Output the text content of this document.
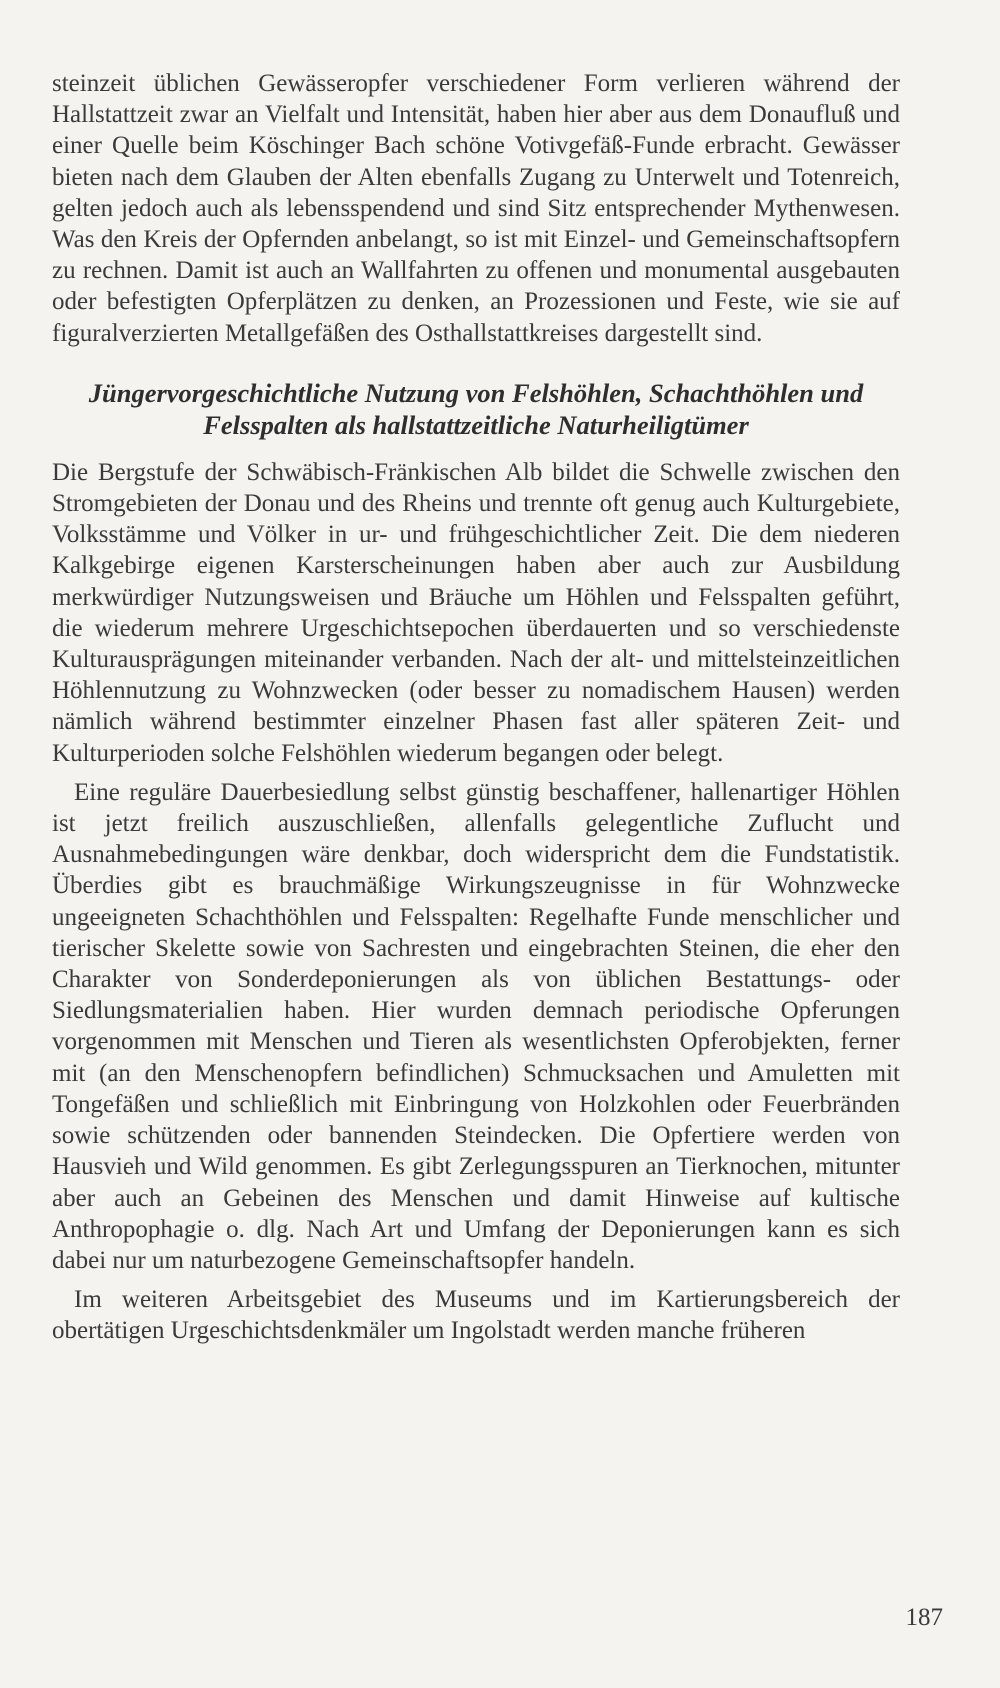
steinzeit üblichen Gewässeropfer verschiedener Form verlieren während der Hallstattzeit zwar an Vielfalt und Intensität, haben hier aber aus dem Donaufluß und einer Quelle beim Köschinger Bach schöne Votivgefäß-Funde erbracht. Gewässer bieten nach dem Glauben der Alten ebenfalls Zugang zu Unterwelt und Totenreich, gelten jedoch auch als lebensspendend und sind Sitz entsprechender Mythenwesen. Was den Kreis der Opfernden anbelangt, so ist mit Einzel- und Gemeinschaftsopfern zu rechnen. Damit ist auch an Wallfahrten zu offenen und monumental ausgebauten oder befestigten Opferplätzen zu denken, an Prozessionen und Feste, wie sie auf figuralverzierten Metallgefäßen des Osthallstattkreises dargestellt sind.

Jüngervorgeschichtliche Nutzung von Felshöhlen, Schachthöhlen und
Felsspalten als hallstattzeitliche Naturheiligtümer

Die Bergstufe der Schwäbisch-Fränkischen Alb bildet die Schwelle zwischen den Stromgebieten der Donau und des Rheins und trennte oft genug auch Kulturgebiete, Volksstämme und Völker in ur- und frühgeschichtlicher Zeit. Die dem niederen Kalkgebirge eigenen Karsterscheinungen haben aber auch zur Ausbildung merkwürdiger Nutzungsweisen und Bräuche um Höhlen und Felsspalten geführt, die wiederum mehrere Urgeschichtsepochen überdauerten und so verschiedenste Kulturausprägungen miteinander verbanden. Nach der alt- und mittelsteinzeitlichen Höhlennutzung zu Wohnzwecken (oder besser zu nomadischem Hausen) werden nämlich während bestimmter einzelner Phasen fast aller späteren Zeit- und Kulturperioden solche Felshöhlen wiederum begangen oder belegt.

Eine reguläre Dauerbesiedlung selbst günstig beschaffener, hallenartiger Höhlen ist jetzt freilich auszuschließen, allenfalls gelegentliche Zuflucht und Ausnahmebedingungen wäre denkbar, doch widerspricht dem die Fundstatistik. Überdies gibt es brauchmäßige Wirkungszeugnisse in für Wohnzwecke ungeeigneten Schachthöhlen und Felsspalten: Regelhafte Funde menschlicher und tierischer Skelette sowie von Sachresten und eingebrachten Steinen, die eher den Charakter von Sonderdeponierungen als von üblichen Bestattungs- oder Siedlungsmaterialien haben. Hier wurden demnach periodische Opferungen vorgenommen mit Menschen und Tieren als wesentlichsten Opferobjekten, ferner mit (an den Menschenopfern befindlichen) Schmucksachen und Amuletten mit Tongefäßen und schließlich mit Einbringung von Holzkohlen oder Feuerbränden sowie schützenden oder bannenden Steindecken. Die Opfertiere werden von Hausvieh und Wild genommen. Es gibt Zerlegungsspuren an Tierknochen, mitunter aber auch an Gebeinen des Menschen und damit Hinweise auf kultische Anthropophagie o. dlg. Nach Art und Umfang der Deponierungen kann es sich dabei nur um naturbezogene Gemeinschaftsopfer handeln.

Im weiteren Arbeitsgebiet des Museums und im Kartierungsbereich der obertätigen Urgeschichtsdenkmäler um Ingolstadt werden manche früheren

187
